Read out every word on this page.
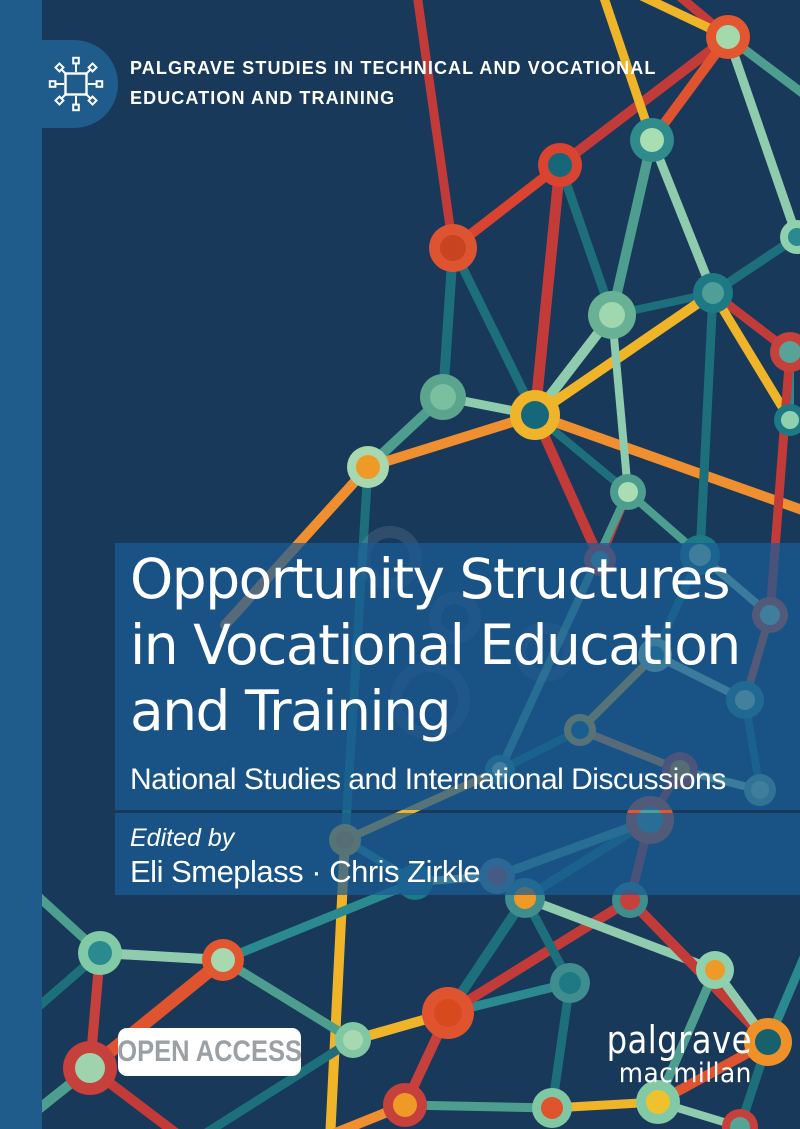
PALGRAVE STUDIES IN TECHNICAL AND VOCATIONAL
EDUCATION AND TRAINING
Opportunity Structures
in Vocational Education
and Training
National Studies and International Discussions
Edited by
Eli Smeplass · Chris Zirkle
OPEN ACCESS	palgrave
macmillan
